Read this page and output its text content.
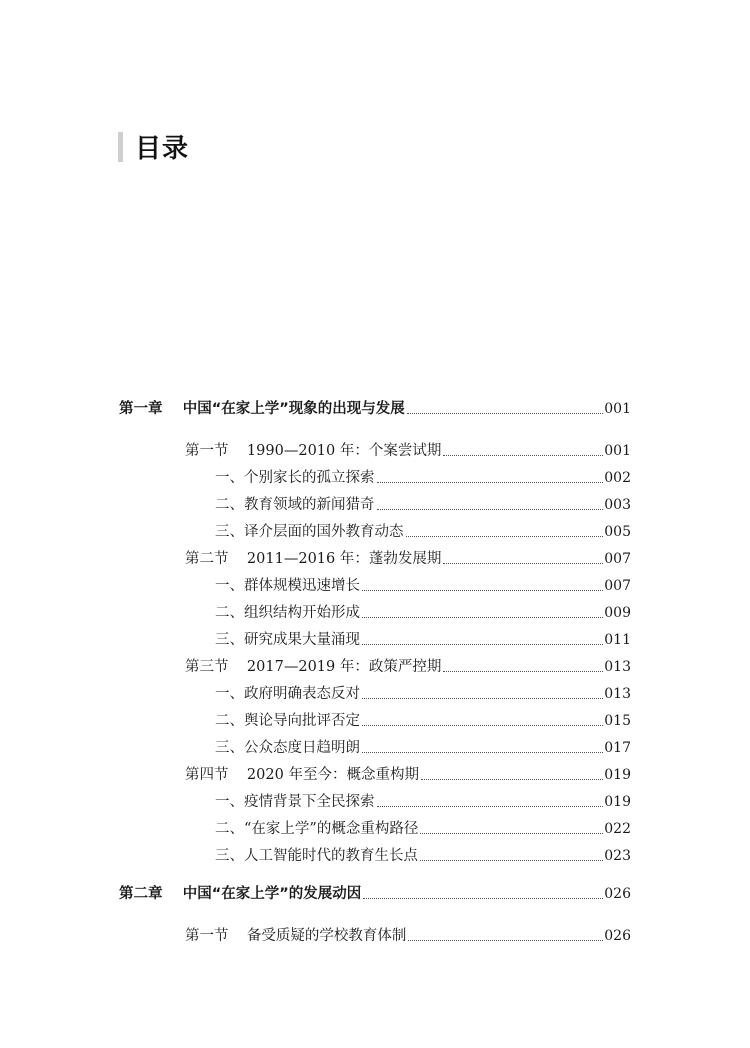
目录
第一章    中国“在家上学”现象的出现与发展	001
第一节    1990—2010 年：个案尝试期	001
一、个别家长的孤立探索	002
二、教育领域的新闻猎奇	003
三、译介层面的国外教育动态	005
第二节    2011—2016 年：蓬勃发展期	007
一、群体规模迅速增长	007
二、组织结构开始形成	009
三、研究成果大量涌现	011
第三节    2017—2019 年：政策严控期	013
一、政府明确表态反对	013
二、舆论导向批评否定	015
三、公众态度日趋明朗	017
第四节    2020 年至今：概念重构期	019
一、疫情背景下全民探索	019
二、“在家上学”的概念重构路径	022
三、人工智能时代的教育生长点	023
第二章    中国“在家上学”的发展动因	026
第一节    备受质疑的学校教育体制	026
